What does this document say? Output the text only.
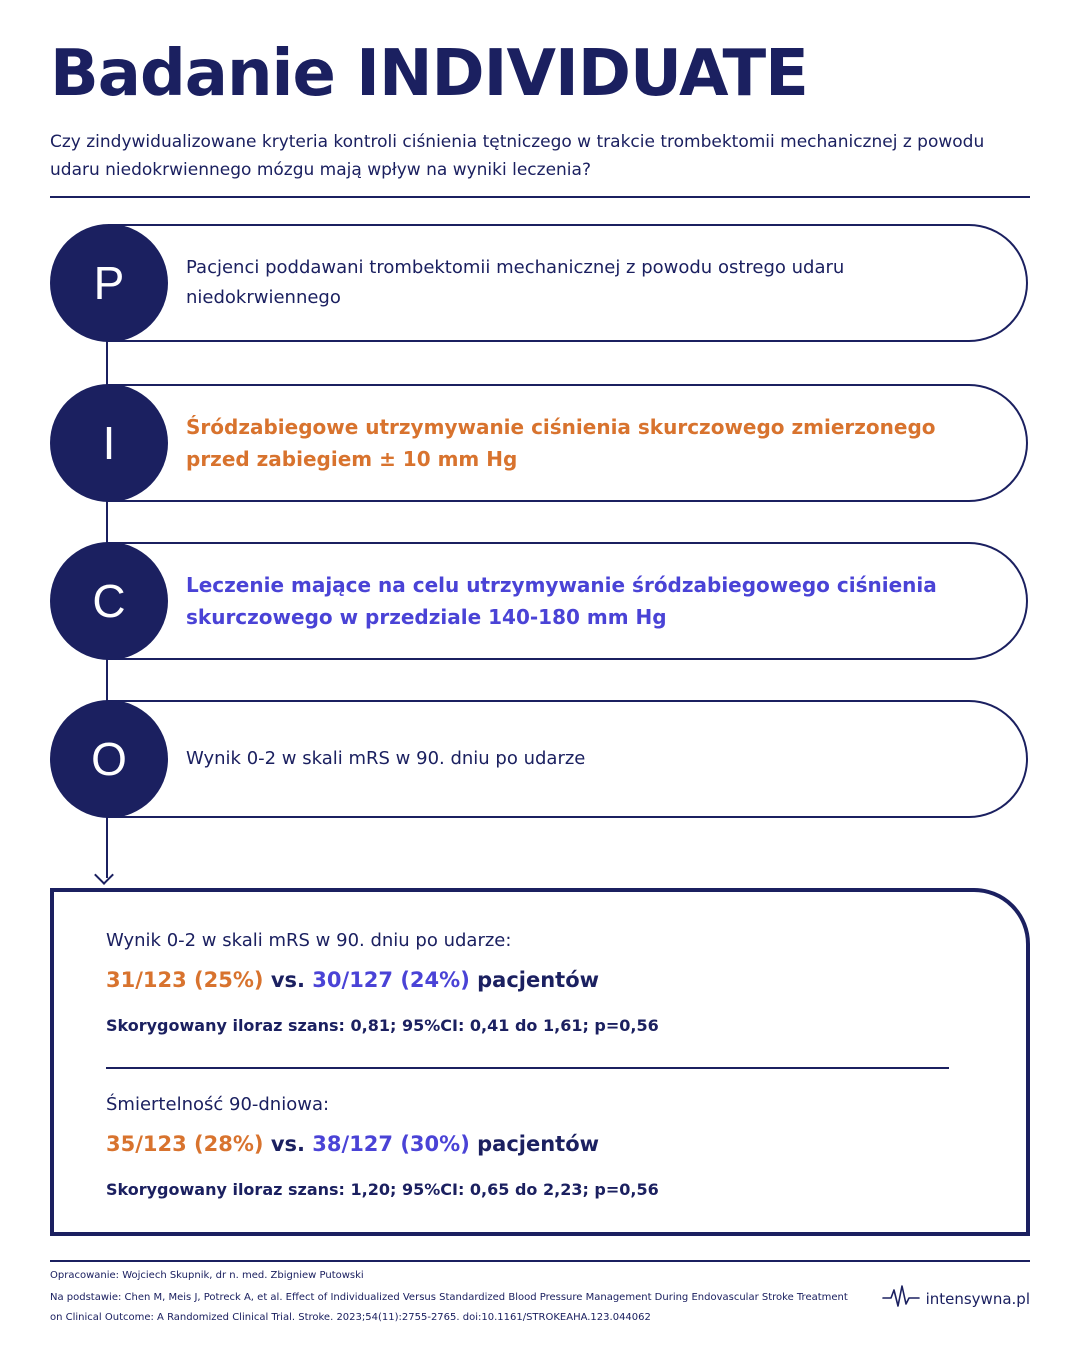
Badanie INDIVIDUATE

Czy zindywidualizowane kryteria kontroli ciśnienia tętniczego w trakcie trombektomii mechanicznej z powodu udaru niedokrwiennego mózgu mają wpływ na wyniki leczenia?

P	Pacjenci poddawani trombektomii mechanicznej z powodu ostrego udaru niedokrwiennego
I	Śródzabiegowe utrzymywanie ciśnienia skurczowego zmierzonego przed zabiegiem ± 10 mm Hg
C	Leczenie mające na celu utrzymywanie śródzabiegowego ciśnienia skurczowego w przedziale 140-180 mm Hg
O	Wynik 0-2 w skali mRS w 90. dniu po udarze
Wynik 0-2 w skali mRS w 90. dniu po udarze:
31/123 (25%) vs. 30/127 (24%) pacjentów
Skorygowany iloraz szans: 0,81; 95%CI: 0,41 do 1,61; p=0,56
Śmiertelność 90-dniowa:
35/123 (28%) vs. 38/127 (30%) pacjentów
Skorygowany iloraz szans: 1,20; 95%CI: 0,65 do 2,23; p=0,56
Opracowanie: Wojciech Skupnik, dr n. med. Zbigniew Putowski
Na podstawie: Chen M, Meis J, Potreck A, et al. Effect of Individualized Versus Standardized Blood Pressure Management During Endovascular Stroke Treatment on Clinical Outcome: A Randomized Clinical Trial. Stroke. 2023;54(11):2755-2765. doi:10.1161/STROKEAHA.123.044062
intensywna.pl
